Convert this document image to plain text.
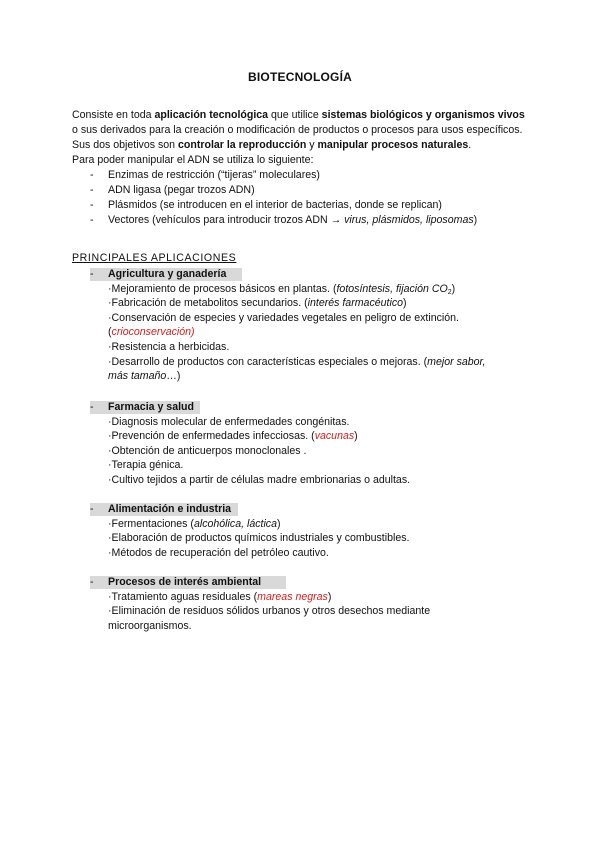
BIOTECNOLOGÍA

Consiste en toda aplicación tecnológica que utilice sistemas biológicos y organismos vivos o sus derivados para la creación o modificación de productos o procesos para usos específicos. Sus dos objetivos son controlar la reproducción y manipular procesos naturales.

Para poder manipular el ADN se utiliza lo siguiente:

- Enzimas de restricción (“tijeras” moleculares)
- ADN ligasa (pegar trozos ADN)
- Plásmidos (se introducen en el interior de bacterias, donde se replican)
- Vectores (vehículos para introducir trozos ADN → virus, plásmidos, liposomas)
PRINCIPALES APLICACIONES
- Agricultura y ganadería
·Mejoramiento de procesos básicos en plantas. (fotosíntesis, fijación $CO_2$)
·Fabricación de metabolitos secundarios. (interés farmacéutico)
·Conservación de especies y variedades vegetales en peligro de extinción.
(crioconservación)
·Resistencia a herbicidas.
·Desarrollo de productos con características especiales o mejoras. (mejor sabor,
más tamaño…)
- Farmacia y salud
·Diagnosis molecular de enfermedades congénitas.
·Prevención de enfermedades infecciosas. (vacunas)
·Obtención de anticuerpos monoclonales .
·Terapia génica.
·Cultivo tejidos a partir de células madre embrionarias o adultas.
- Alimentación e industria
·Fermentaciones (alcohólica, láctica)
·Elaboración de productos químicos industriales y combustibles.
·Métodos de recuperación del petróleo cautivo.
- Procesos de interés ambiental
·Tratamiento aguas residuales (mareas negras)
·Eliminación de residuos sólidos urbanos y otros desechos mediante
microorganismos.
